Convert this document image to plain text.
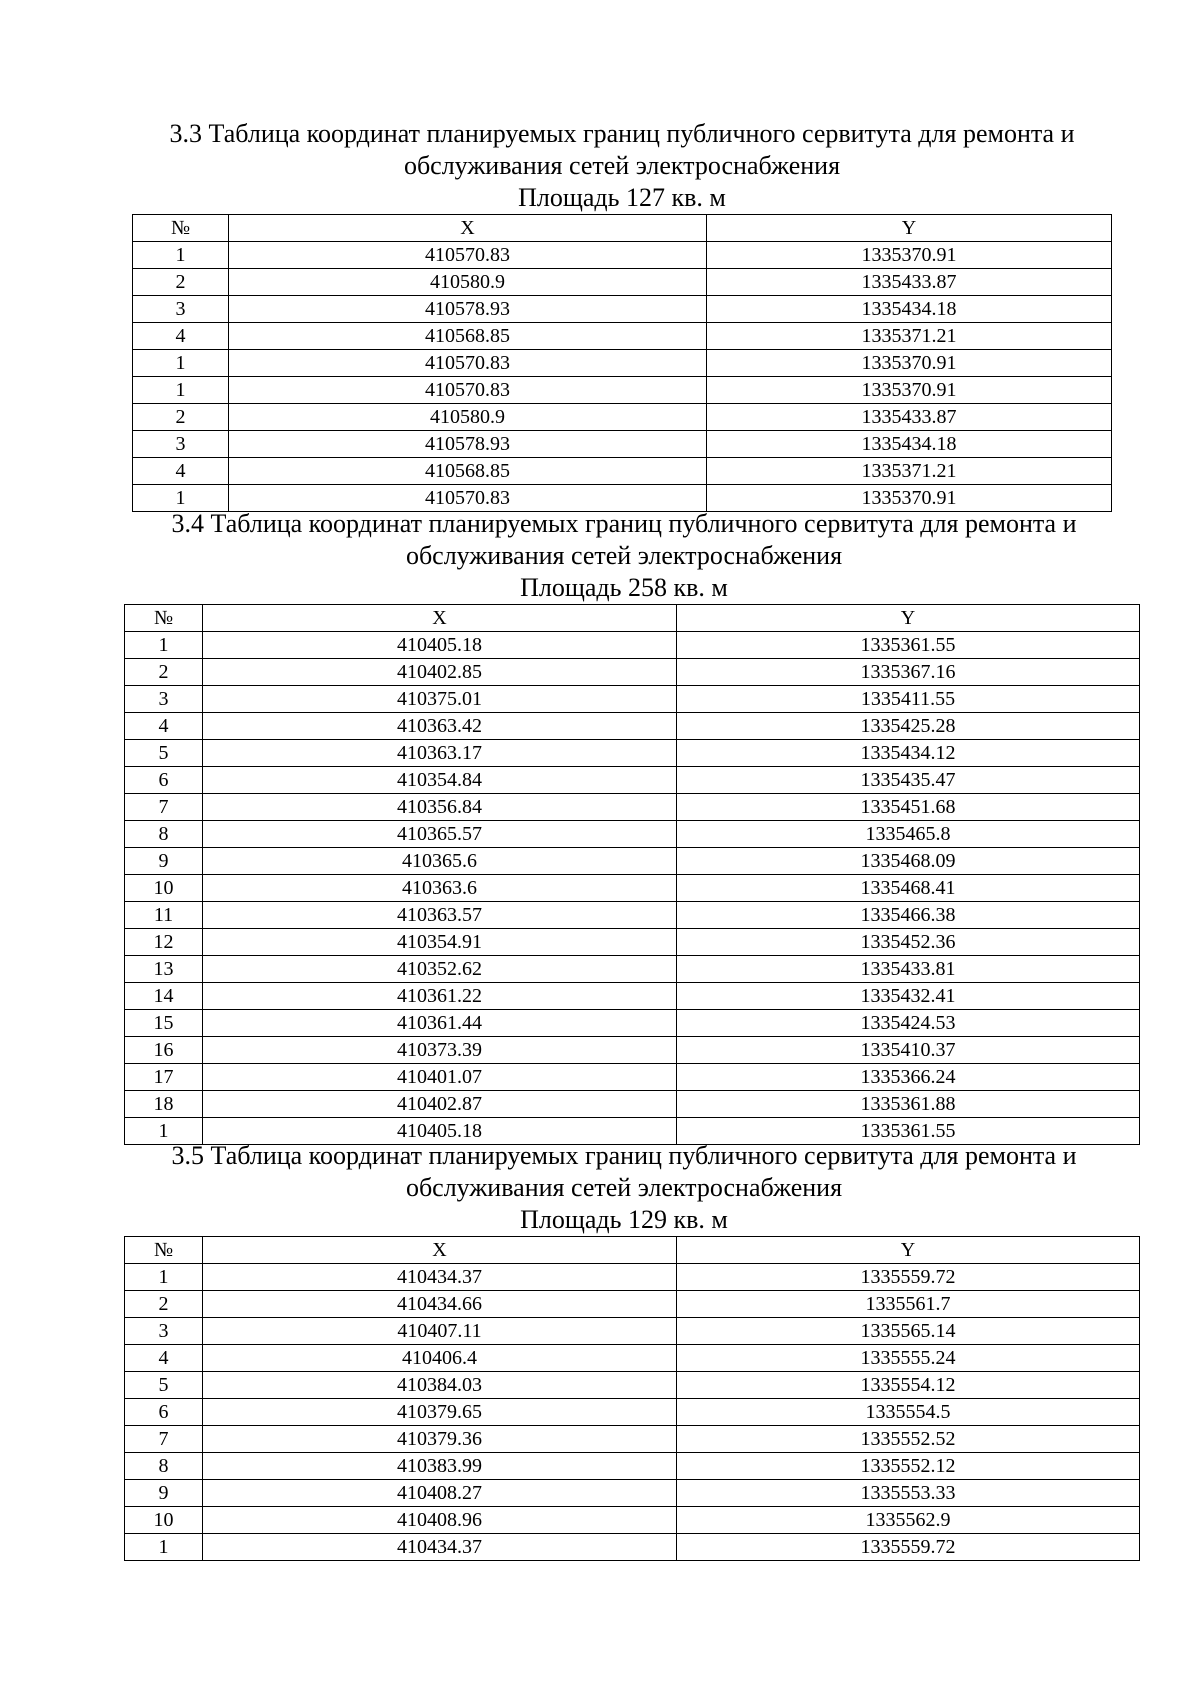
3.3 Таблица координат планируемых границ публичного сервитута для ремонта и
обслуживания сетей электроснабжения
Площадь 127 кв. м
№	X	Y
1	410570.83	1335370.91
2	410580.9	1335433.87
3	410578.93	1335434.18
4	410568.85	1335371.21
1	410570.83	1335370.91
1	410570.83	1335370.91
2	410580.9	1335433.87
3	410578.93	1335434.18
4	410568.85	1335371.21
1	410570.83	1335370.91
3.4 Таблица координат планируемых границ публичного сервитута для ремонта и
обслуживания сетей электроснабжения
Площадь 258 кв. м
№	X	Y
1	410405.18	1335361.55
2	410402.85	1335367.16
3	410375.01	1335411.55
4	410363.42	1335425.28
5	410363.17	1335434.12
6	410354.84	1335435.47
7	410356.84	1335451.68
8	410365.57	1335465.8
9	410365.6	1335468.09
10	410363.6	1335468.41
11	410363.57	1335466.38
12	410354.91	1335452.36
13	410352.62	1335433.81
14	410361.22	1335432.41
15	410361.44	1335424.53
16	410373.39	1335410.37
17	410401.07	1335366.24
18	410402.87	1335361.88
1	410405.18	1335361.55
3.5 Таблица координат планируемых границ публичного сервитута для ремонта и
обслуживания сетей электроснабжения
Площадь 129 кв. м
№	X	Y
1	410434.37	1335559.72
2	410434.66	1335561.7
3	410407.11	1335565.14
4	410406.4	1335555.24
5	410384.03	1335554.12
6	410379.65	1335554.5
7	410379.36	1335552.52
8	410383.99	1335552.12
9	410408.27	1335553.33
10	410408.96	1335562.9
1	410434.37	1335559.72
